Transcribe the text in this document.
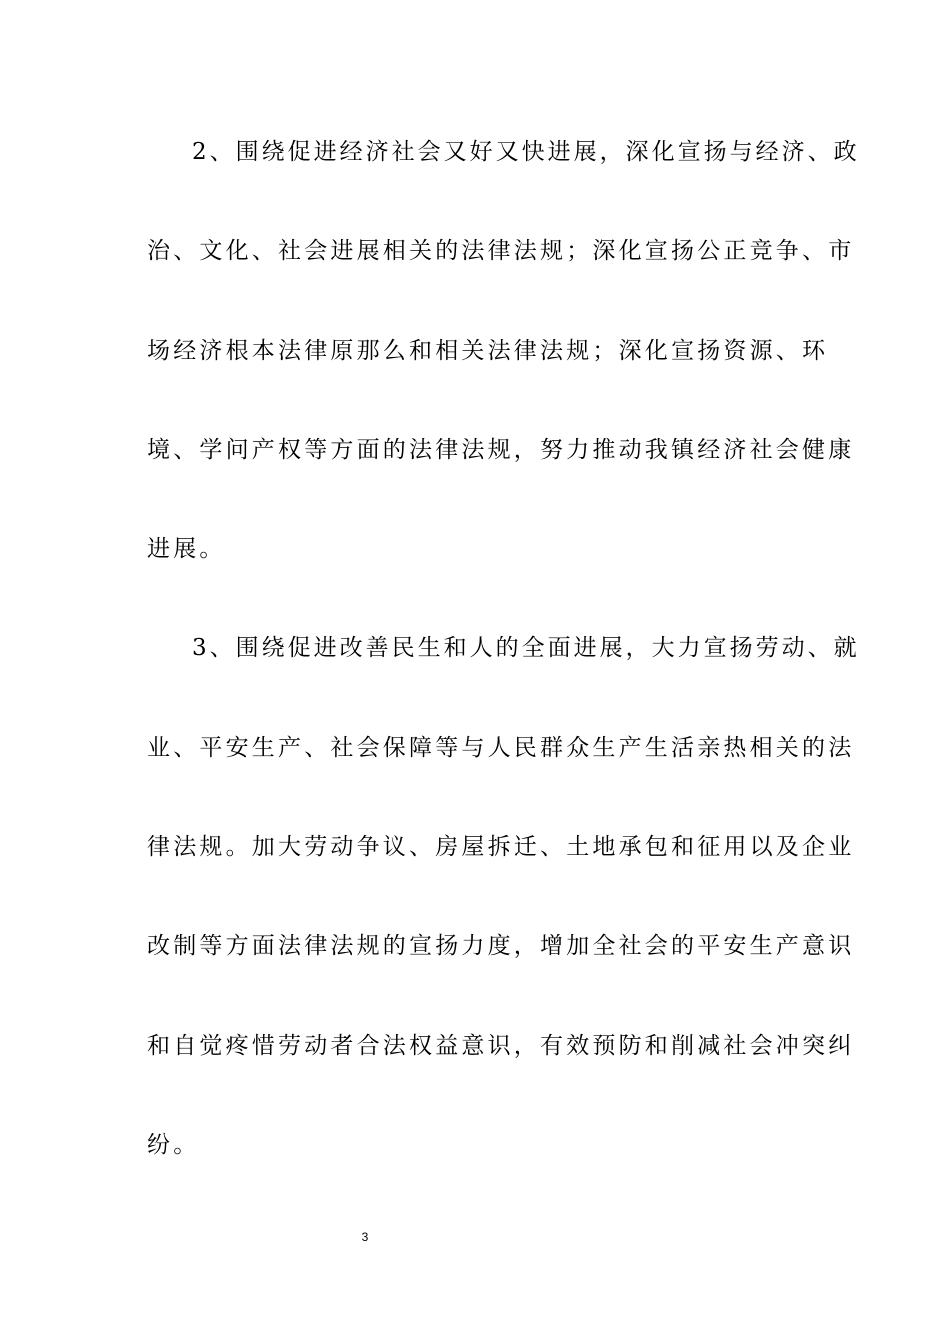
2、围绕促进经济社会又好又快进展，深化宣扬与经济、政
治、文化、社会进展相关的法律法规；深化宣扬公正竞争、市
场经济根本法律原那么和相关法律法规；深化宣扬资源、环
境、学问产权等方面的法律法规，努力推动我镇经济社会健康
进展。
3、围绕促进改善民生和人的全面进展，大力宣扬劳动、就
业、平安生产、社会保障等与人民群众生产生活亲热相关的法
律法规。加大劳动争议、房屋拆迁、土地承包和征用以及企业
改制等方面法律法规的宣扬力度，增加全社会的平安生产意识
和自觉疼惜劳动者合法权益意识，有效预防和削减社会冲突纠
纷。
3
